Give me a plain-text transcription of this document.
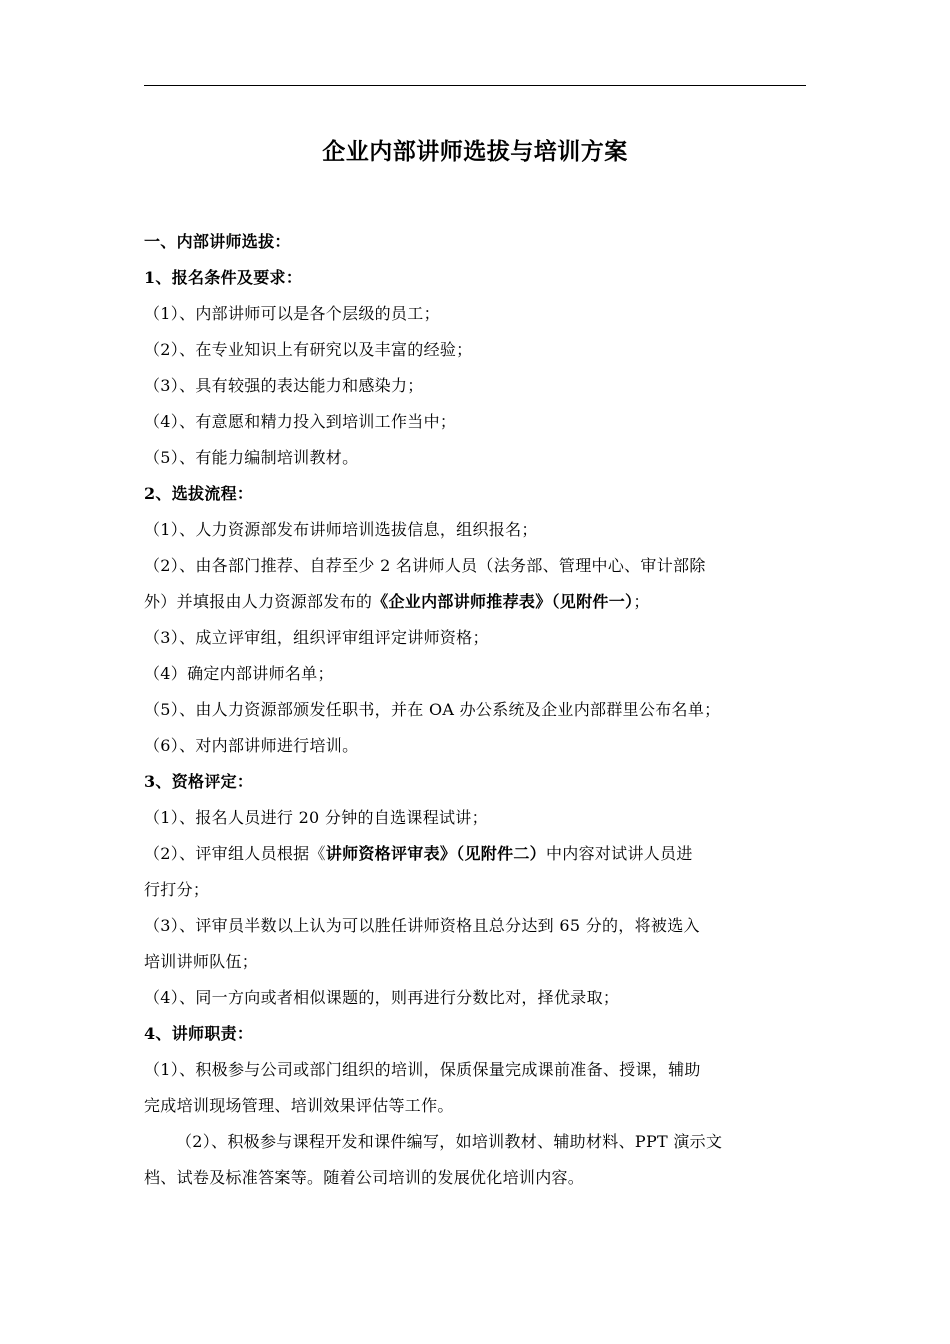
企业内部讲师选拔与培训方案
一、内部讲师选拔：
1、报名条件及要求：
（1）、内部讲师可以是各个层级的员工；
（2）、在专业知识上有研究以及丰富的经验；
（3）、具有较强的表达能力和感染力；
（4）、有意愿和精力投入到培训工作当中；
（5）、有能力编制培训教材。
2、选拔流程：
（1）、人力资源部发布讲师培训选拔信息，组织报名；
（2）、由各部门推荐、自荐至少 2 名讲师人员（法务部、管理中心、审计部除
外）并填报由人力资源部发布的《企业内部讲师推荐表》（见附件一）；
（3）、成立评审组，组织评审组评定讲师资格；
（4）确定内部讲师名单；
（5）、由人力资源部颁发任职书，并在 OA 办公系统及企业内部群里公布名单；
（6）、对内部讲师进行培训。
3、资格评定：
（1）、报名人员进行 20 分钟的自选课程试讲；
（2）、评审组人员根据《讲师资格评审表》（见附件二）中内容对试讲人员进
行打分；
（3）、评审员半数以上认为可以胜任讲师资格且总分达到 65 分的，将被选入
培训讲师队伍；
（4）、同一方向或者相似课题的，则再进行分数比对，择优录取；
4、讲师职责：
（1）、积极参与公司或部门组织的培训，保质保量完成课前准备、授课，辅助
完成培训现场管理、培训效果评估等工作。
（2）、积极参与课程开发和课件编写，如培训教材、辅助材料、PPT 演示文
档、试卷及标准答案等。随着公司培训的发展优化培训内容。
